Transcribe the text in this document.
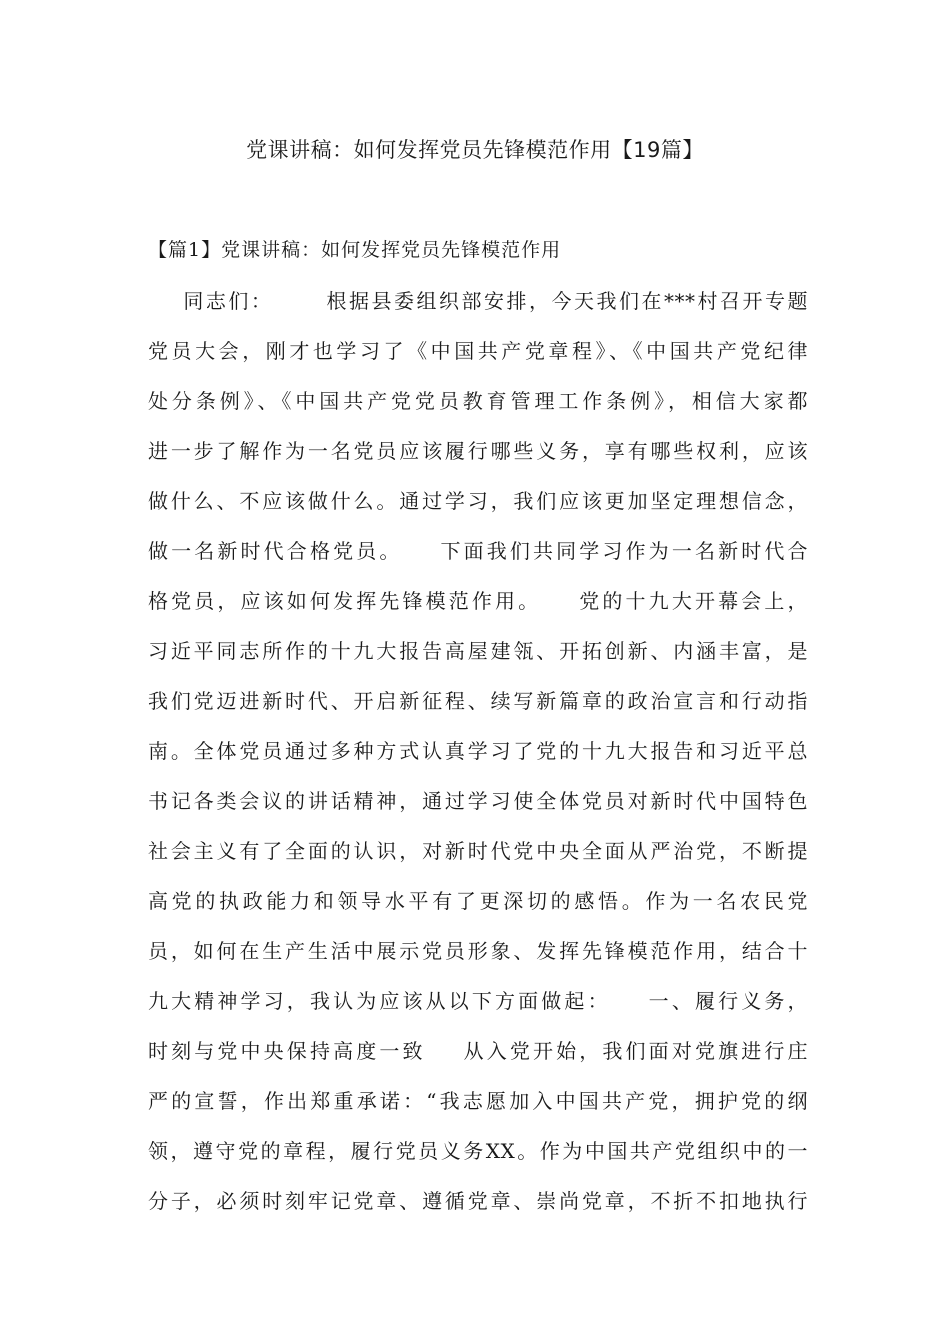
党课讲稿：如何发挥党员先锋模范作用【19篇】
【篇1】党课讲稿：如何发挥党员先锋模范作用
同志们：      根据县委组织部安排，今天我们在***村召开专题
党员大会，刚才也学习了《中国共产党章程》、《中国共产党纪律
处分条例》、《中国共产党党员教育管理工作条例》，相信大家都
进一步了解作为一名党员应该履行哪些义务，享有哪些权利，应该
做什么、不应该做什么。通过学习，我们应该更加坚定理想信念，
做一名新时代合格党员。    下面我们共同学习作为一名新时代合
格党员，应该如何发挥先锋模范作用。    党的十九大开幕会上，
习近平同志所作的十九大报告高屋建瓴、开拓创新、内涵丰富，是
我们党迈进新时代、开启新征程、续写新篇章的政治宣言和行动指
南。全体党员通过多种方式认真学习了党的十九大报告和习近平总
书记各类会议的讲话精神，通过学习使全体党员对新时代中国特色
社会主义有了全面的认识，对新时代党中央全面从严治党，不断提
高党的执政能力和领导水平有了更深切的感悟。作为一名农民党
员，如何在生产生活中展示党员形象、发挥先锋模范作用，结合十
九大精神学习，我认为应该从以下方面做起：    一、履行义务，
时刻与党中央保持高度一致    从入党开始，我们面对党旗进行庄
严的宣誓，作出郑重承诺：“我志愿加入中国共产党，拥护党的纲
领，遵守党的章程，履行党员义务XX。作为中国共产党组织中的一
分子，必须时刻牢记党章、遵循党章、崇尚党章，不折不扣地执行
